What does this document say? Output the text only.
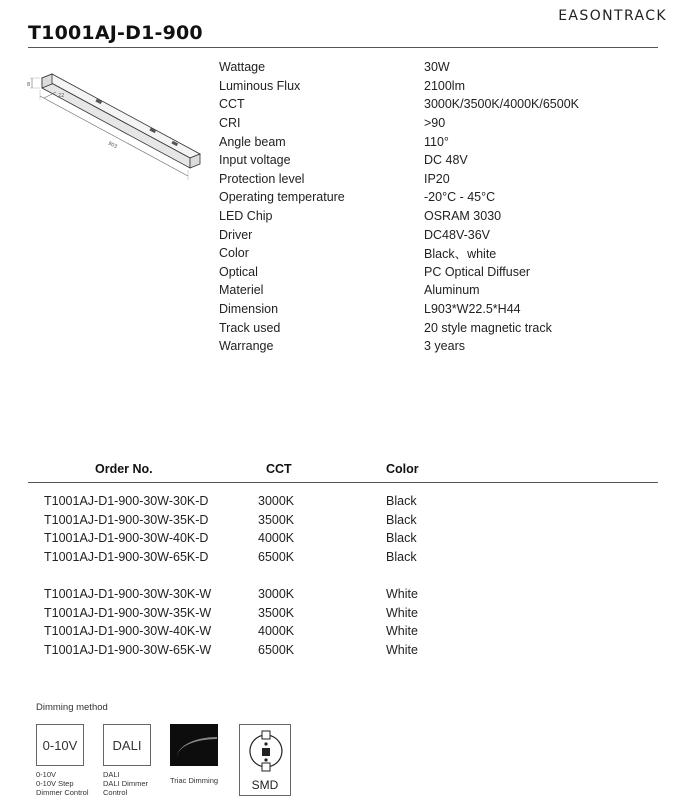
EASONTRACK
T1001AJ-D1-900
8
22
903
Wattage	30W
Luminous Flux	2100lm
CCT	3000K/3500K/4000K/6500K
CRI	>90
Angle beam	110°
Input voltage	DC 48V
Protection level	IP20
Operating temperature	-20°C - 45°C
LED Chip	OSRAM 3030
Driver	DC48V-36V
Color	Black、white
Optical	PC Optical Diffuser
Materiel	Aluminum
Dimension	L903*W22.5*H44
Track used	20 style magnetic track
Warrange	3 years
Order No.	CCT	Color
T1001AJ-D1-900-30W-30K-D	3000K	Black
T1001AJ-D1-900-30W-35K-D	3500K	Black
T1001AJ-D1-900-30W-40K-D	4000K	Black
T1001AJ-D1-900-30W-65K-D	6500K	Black
T1001AJ-D1-900-30W-30K-W	3000K	White
T1001AJ-D1-900-30W-35K-W	3500K	White
T1001AJ-D1-900-30W-40K-W	4000K	White
T1001AJ-D1-900-30W-65K-W	6500K	White
Dimming method
0-10V
0-10V
0-10V Step
Dimmer Control
DALI
DALI
DALI Dimmer
Control
Triac Dimming	SMD
